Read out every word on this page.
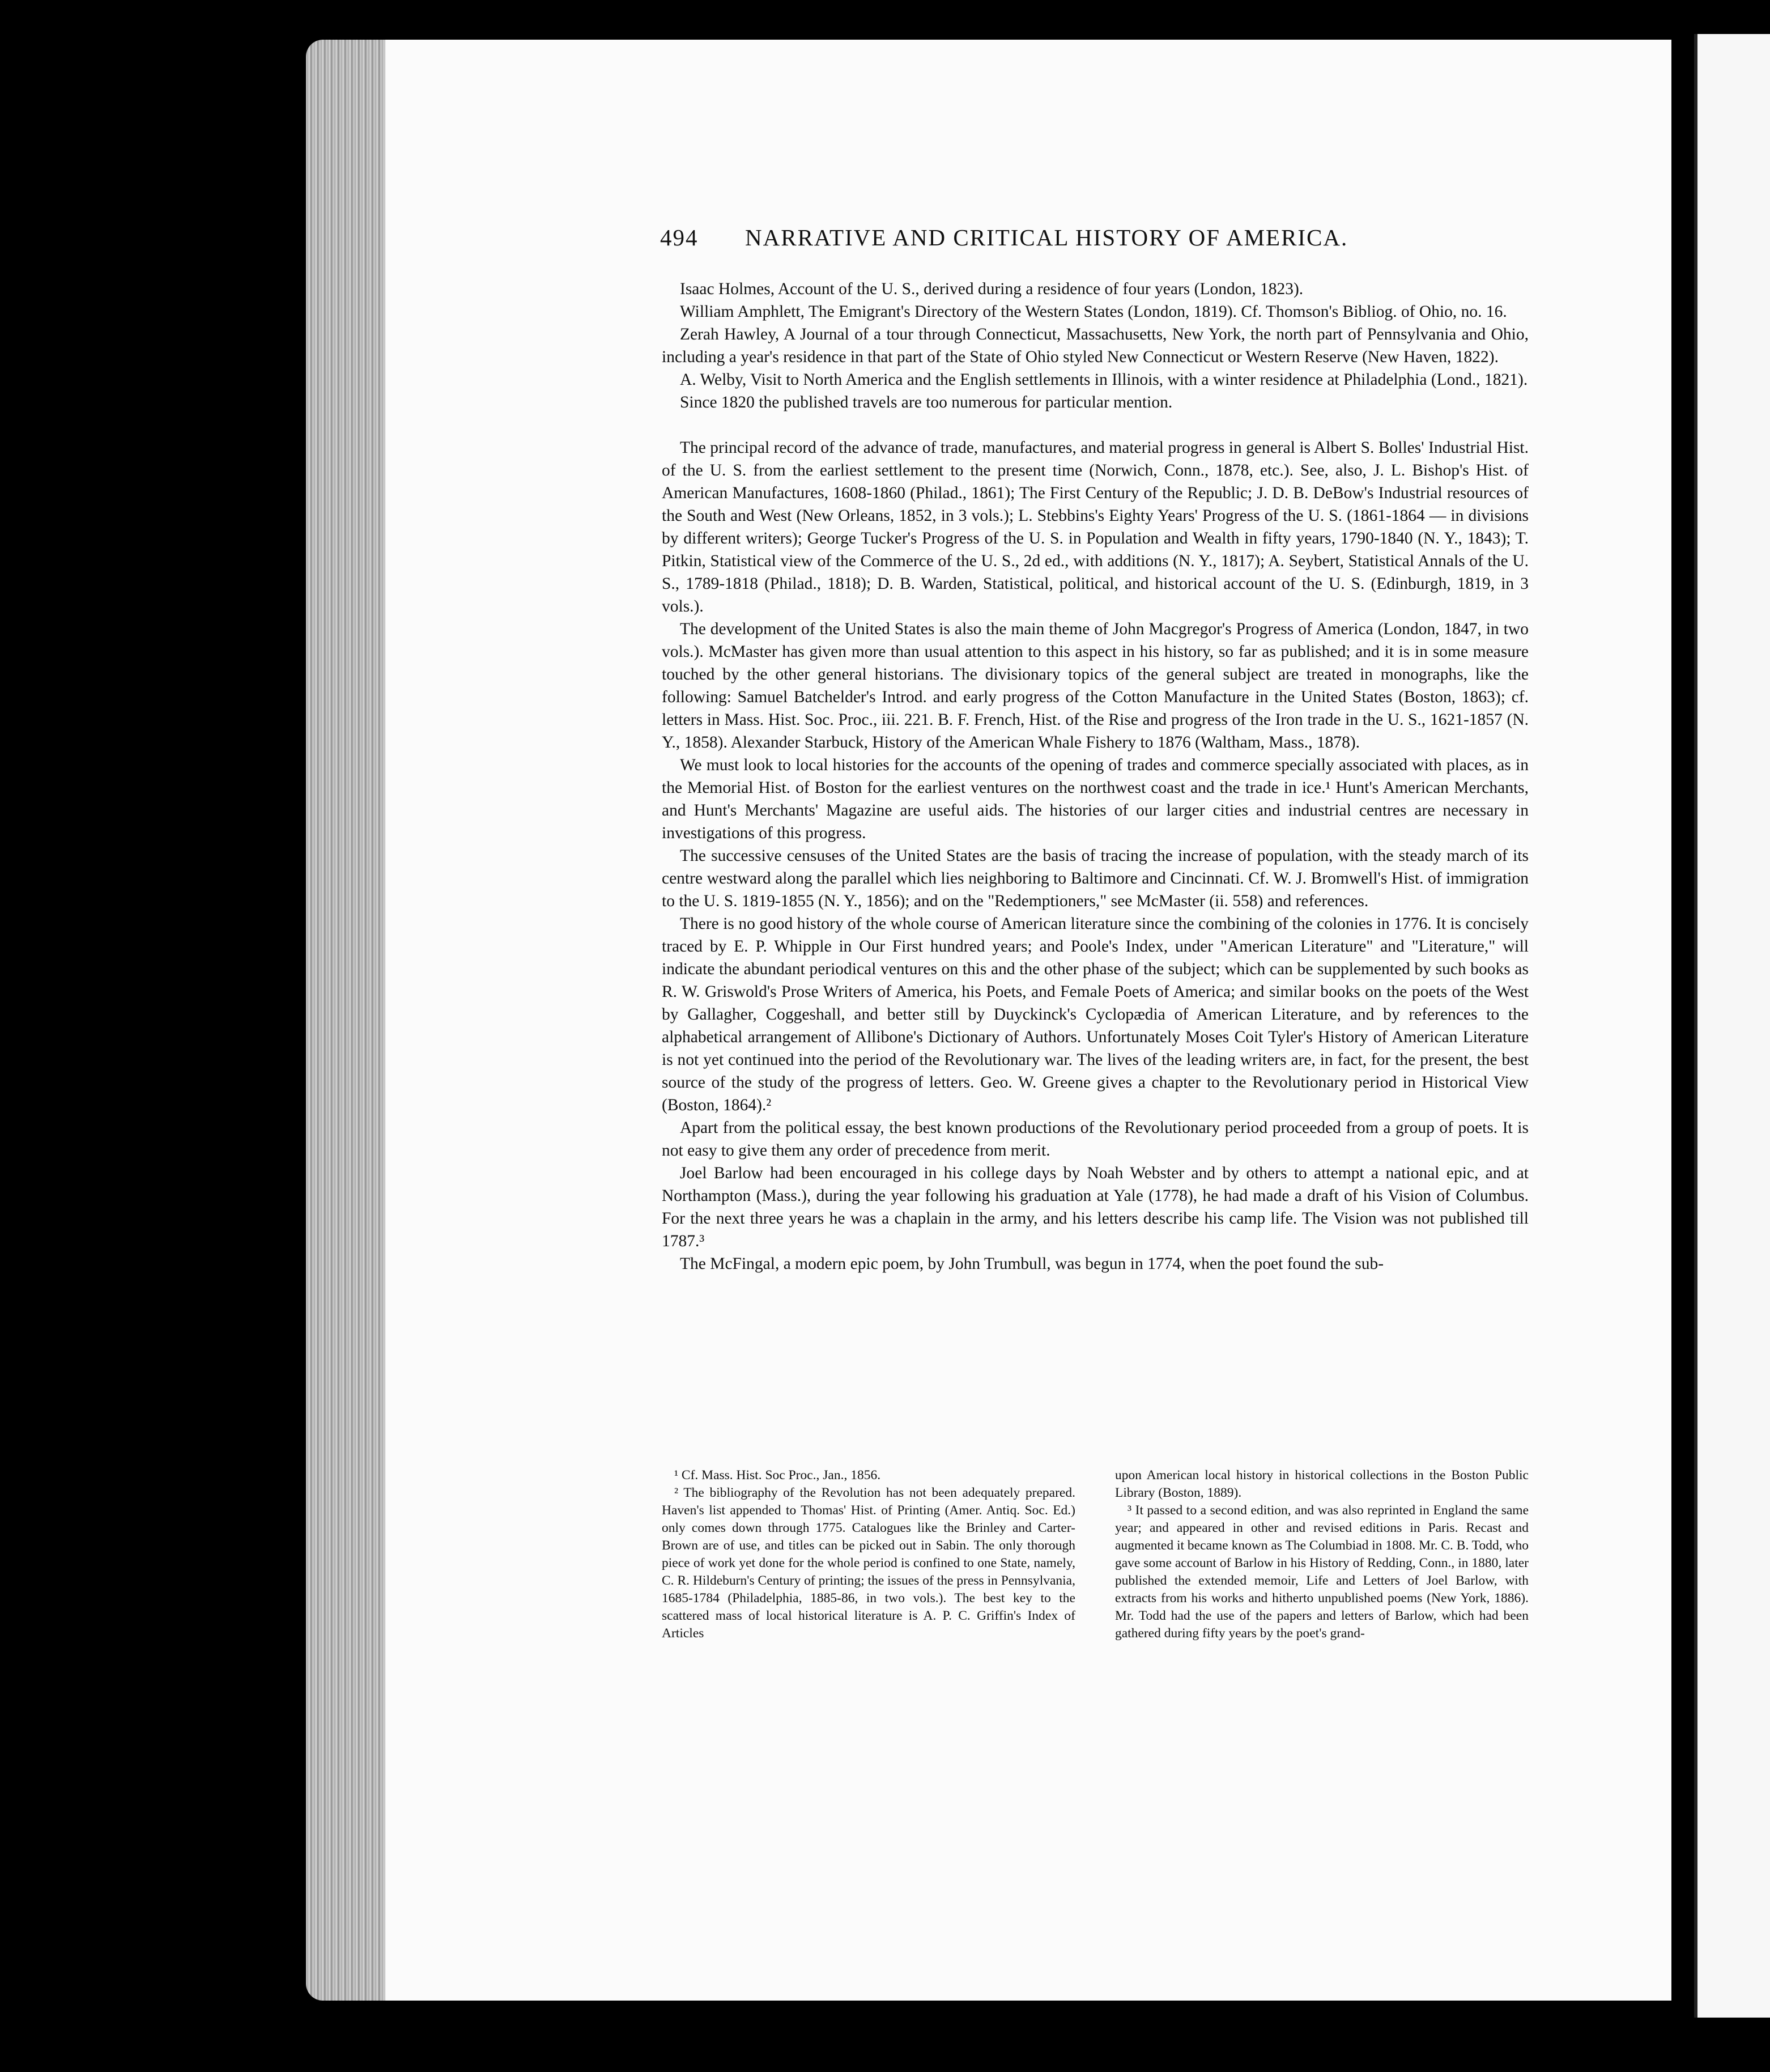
494 NARRATIVE AND CRITICAL HISTORY OF AMERICA.

Isaac Holmes, Account of the U. S., derived during a residence of four years (London, 1823).

William Amphlett, The Emigrant's Directory of the Western States (London, 1819). Cf. Thomson's Bibliog. of Ohio, no. 16.

Zerah Hawley, A Journal of a tour through Connecticut, Massachusetts, New York, the north part of Pennsylvania and Ohio, including a year's residence in that part of the State of Ohio styled New Connecticut or Western Reserve (New Haven, 1822).

A. Welby, Visit to North America and the English settlements in Illinois, with a winter residence at Philadelphia (Lond., 1821).

Since 1820 the published travels are too numerous for particular mention.

The principal record of the advance of trade, manufactures, and material progress in general is Albert S. Bolles' Industrial Hist. of the U. S. from the earliest settlement to the present time (Norwich, Conn., 1878, etc.). See, also, J. L. Bishop's Hist. of American Manufactures, 1608-1860 (Philad., 1861); The First Century of the Republic; J. D. B. DeBow's Industrial resources of the South and West (New Orleans, 1852, in 3 vols.); L. Stebbins's Eighty Years' Progress of the U. S. (1861-1864 — in divisions by different writers); George Tucker's Progress of the U. S. in Population and Wealth in fifty years, 1790-1840 (N. Y., 1843); T. Pitkin, Statistical view of the Commerce of the U. S., 2d ed., with additions (N. Y., 1817); A. Seybert, Statistical Annals of the U. S., 1789-1818 (Philad., 1818); D. B. Warden, Statistical, political, and historical account of the U. S. (Edinburgh, 1819, in 3 vols.).

The development of the United States is also the main theme of John Macgregor's Progress of America (London, 1847, in two vols.). McMaster has given more than usual attention to this aspect in his history, so far as published; and it is in some measure touched by the other general historians. The divisionary topics of the general subject are treated in monographs, like the following: Samuel Batchelder's Introd. and early progress of the Cotton Manufacture in the United States (Boston, 1863); cf. letters in Mass. Hist. Soc. Proc., iii. 221. B. F. French, Hist. of the Rise and progress of the Iron trade in the U. S., 1621-1857 (N. Y., 1858). Alexander Starbuck, History of the American Whale Fishery to 1876 (Waltham, Mass., 1878).

We must look to local histories for the accounts of the opening of trades and commerce specially associated with places, as in the Memorial Hist. of Boston for the earliest ventures on the northwest coast and the trade in ice.¹ Hunt's American Merchants, and Hunt's Merchants' Magazine are useful aids. The histories of our larger cities and industrial centres are necessary in investigations of this progress.

The successive censuses of the United States are the basis of tracing the increase of population, with the steady march of its centre westward along the parallel which lies neighboring to Baltimore and Cincinnati. Cf. W. J. Bromwell's Hist. of immigration to the U. S. 1819-1855 (N. Y., 1856); and on the "Redemptioners," see McMaster (ii. 558) and references.

There is no good history of the whole course of American literature since the combining of the colonies in 1776. It is concisely traced by E. P. Whipple in Our First hundred years; and Poole's Index, under "American Literature" and "Literature," will indicate the abundant periodical ventures on this and the other phase of the subject; which can be supplemented by such books as R. W. Griswold's Prose Writers of America, his Poets, and Female Poets of America; and similar books on the poets of the West by Gallagher, Coggeshall, and better still by Duyckinck's Cyclopædia of American Literature, and by references to the alphabetical arrangement of Allibone's Dictionary of Authors. Unfortunately Moses Coit Tyler's History of American Literature is not yet continued into the period of the Revolutionary war. The lives of the leading writers are, in fact, for the present, the best source of the study of the progress of letters. Geo. W. Greene gives a chapter to the Revolutionary period in Historical View (Boston, 1864).²

Apart from the political essay, the best known productions of the Revolutionary period proceeded from a group of poets. It is not easy to give them any order of precedence from merit.

Joel Barlow had been encouraged in his college days by Noah Webster and by others to attempt a national epic, and at Northampton (Mass.), during the year following his graduation at Yale (1778), he had made a draft of his Vision of Columbus. For the next three years he was a chaplain in the army, and his letters describe his camp life. The Vision was not published till 1787.³

The McFingal, a modern epic poem, by John Trumbull, was begun in 1774, when the poet found the sub-

¹ Cf. Mass. Hist. Soc Proc., Jan., 1856.

² The bibliography of the Revolution has not been adequately prepared. Haven's list appended to Thomas' Hist. of Printing (Amer. Antiq. Soc. Ed.) only comes down through 1775. Catalogues like the Brinley and Carter-Brown are of use, and titles can be picked out in Sabin. The only thorough piece of work yet done for the whole period is confined to one State, namely, C. R. Hildeburn's Century of printing; the issues of the press in Pennsylvania, 1685-1784 (Philadelphia, 1885-86, in two vols.). The best key to the scattered mass of local historical literature is A. P. C. Griffin's Index of Articles

upon American local history in historical collections in the Boston Public Library (Boston, 1889).

³ It passed to a second edition, and was also reprinted in England the same year; and appeared in other and revised editions in Paris. Recast and augmented it became known as The Columbiad in 1808. Mr. C. B. Todd, who gave some account of Barlow in his History of Redding, Conn., in 1880, later published the extended memoir, Life and Letters of Joel Barlow, with extracts from his works and hitherto unpublished poems (New York, 1886). Mr. Todd had the use of the papers and letters of Barlow, which had been gathered during fifty years by the poet's grand-
